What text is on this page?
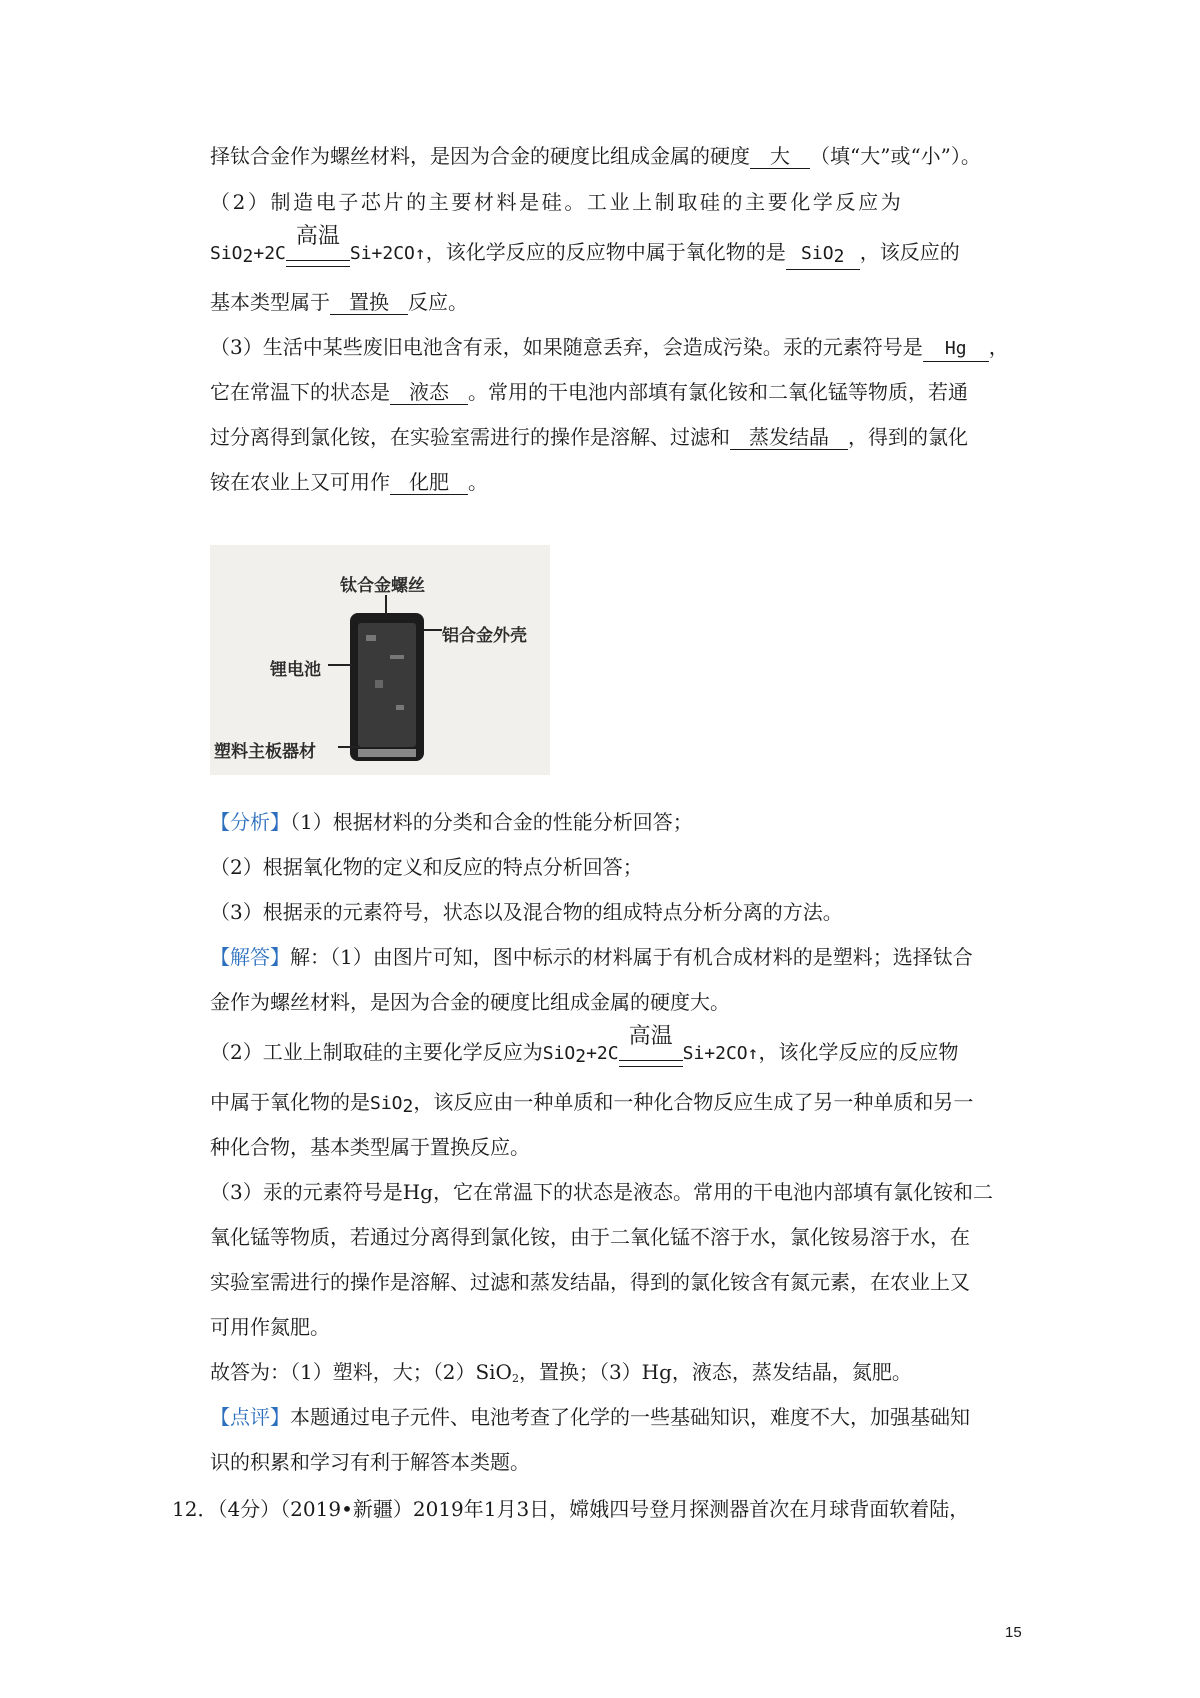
择钛合金作为螺丝材料，是因为合金的硬度比组成金属的硬度 大 （填“大”或“小”）。
（2）制造电子芯片的主要材料是硅。工业上制取硅的主要化学反应为
SiO$_2$+2C
高温
Si+2CO↑，该化学反应的反应物中属于氧化物的是 SiO$_2$ ，该反应的
基本类型属于 置换 反应。
（3）生活中某些废旧电池含有汞，如果随意丢弃，会造成污染。汞的元素符号是 Hg ，
它在常温下的状态是 液态 。常用的干电池内部填有氯化铵和二氧化锰等物质，若通
过分离得到氯化铵，在实验室需进行的操作是溶解、过滤和 蒸发结晶 ，得到的氯化
铵在农业上又可用作 化肥 。
钛合金螺丝
铝合金外壳
锂电池
塑料主板器材
【分析】（1）根据材料的分类和合金的性能分析回答；
（2）根据氧化物的定义和反应的特点分析回答；
（3）根据汞的元素符号，状态以及混合物的组成特点分析分离的方法。
【解答】解：（1）由图片可知，图中标示的材料属于有机合成材料的是塑料；选择钛合
金作为螺丝材料，是因为合金的硬度比组成金属的硬度大。
（2）工业上制取硅的主要化学反应为SiO$_2$+2C
高温
Si+2CO↑，该化学反应的反应物
中属于氧化物的是SiO$_2$，该反应由一种单质和一种化合物反应生成了另一种单质和另一
种化合物，基本类型属于置换反应。
（3）汞的元素符号是Hg，它在常温下的状态是液态。常用的干电池内部填有氯化铵和二
氧化锰等物质，若通过分离得到氯化铵，由于二氧化锰不溶于水，氯化铵易溶于水，在
实验室需进行的操作是溶解、过滤和蒸发结晶，得到的氯化铵含有氮元素，在农业上又
可用作氮肥。
故答为：（1）塑料，大；（2）SiO$_2$，置换；（3）Hg，液态，蒸发结晶，氮肥。
【点评】本题通过电子元件、电池考查了化学的一些基础知识，难度不大，加强基础知
识的积累和学习有利于解答本类题。
12．（4分）（2019•新疆）2019年1月3日，嫦娥四号登月探测器首次在月球背面软着陆，
15
